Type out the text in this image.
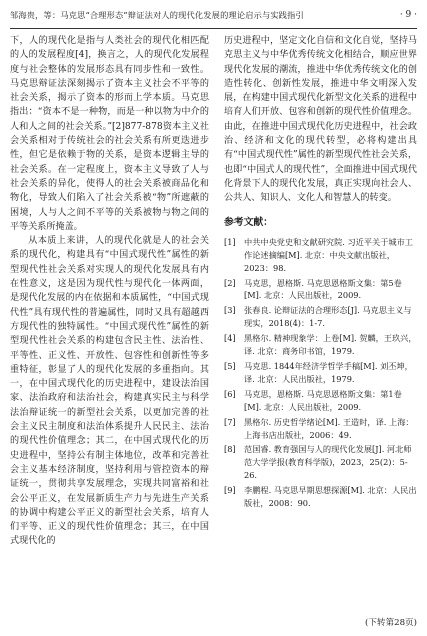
邹海贵，等：马克思“合理形态”辩证法对人的现代化发展的理论启示与实践指引	· 9 ·

下，人的现代化是指与人类社会的现代化相匹配的人的发展程度[4]，换言之，人的现代化发展程度与社会整体的发展形态具有同步性和一致性。马克思辩证法深刻揭示了资本主义社会不平等的社会关系，揭示了资本的形而上学本质。马克思指出：“资本不是一种物，而是一种以物为中介的人和人之间的社会关系。”[2]877-878资本主义社会关系相对于传统社会的社会关系有所更迭进步性，但它是依赖于物的关系，是资本逻辑主导的社会关系。在一定程度上，资本主义导致了人与社会关系的异化，使得人的社会关系被商品化和物化，导致人们陷入了社会关系被“物”所遮蔽的困境，人与人之间不平等的关系被物与物之间的平等关系所掩盖。

从本质上来讲，人的现代化就是人的社会关系的现代化，构建具有“中国式现代性”属性的新型现代性社会关系对实现人的现代化发展具有内在性意义，这是因为现代性与现代化一体两面，是现代化发展的内在依据和本质属性，“中国式现代性”具有现代性的普遍属性，同时又具有超越西方现代性的独特属性。“中国式现代性”属性的新型现代性社会关系的构建包含民主性、法治性、平等性、正义性、开放性、包容性和创新性等多重特征，彰显了人的现代化发展的多重指向。其一，在中国式现代化的历史进程中，建设法治国家、法治政府和法治社会，构建真实民主与科学法治辩证统一的新型社会关系，以更加完善的社会主义民主制度和法治体系提升人民民主、法治的现代性价值理念；其二，在中国式现代化的历史进程中，坚持公有制主体地位，改革和完善社会主义基本经济制度，坚持利用与管控资本的辩证统一，贯彻共享发展理念，实现共同富裕和社会公平正义，在发展新质生产力与先进生产关系的协调中构建公平正义的新型社会关系，培育人们平等、正义的现代性价值理念；其三，在中国式现代化的

历史进程中，坚定文化自信和文化自觉，坚持马克思主义与中华优秀传统文化相结合，顺应世界现代化发展的潮流，推进中华优秀传统文化的创造性转化、创新性发展，推进中华文明深入发展，在构建中国式现代化新型文化关系的进程中培育人们开放、包容和创新的现代性价值理念。由此，在推进中国式现代化历史进程中，社会政治、经济和文化的现代转型，必将构建出具有“中国式现代性”属性的新型现代性社会关系，也即“中国式人的现代性”，全面推进中国式现代化背景下人的现代化发展，真正实现向社会人、公共人、知识人、文化人和智慧人的转变。

参考文献：

[1]	中共中央党史和文献研究院. 习近平关于城市工作论述摘编[M]. 北京：中央文献出版社，2023：98.

[2]	马克思，恩格斯. 马克思恩格斯文集：第5卷[M]. 北京：人民出版社，2009.

[3]	张春良. 论辩证法的合理形态[J]. 马克思主义与现实，2018(4)：1-7.

[4]	黑格尔. 精神现象学：上卷[M]. 贺麟，王玖兴，译. 北京：商务印书馆，1979.

[5]	马克思. 1844年经济学哲学手稿[M]. 刘丕坤，译. 北京：人民出版社，1979.

[6]	马克思，恩格斯. 马克思恩格斯文集：第1卷[M]. 北京：人民出版社，2009.

[7]	黑格尔. 历史哲学绪论[M]. 王造时，译. 上海：上海书店出版社，2006：49.

[8]	范国睿. 教育强国与人的现代化发展[J]. 河北师范大学学报(教育科学版)，2023，25(2)：5-26.

[9]	李鹏程. 马克思早期思想探源[M]. 北京：人民出版社，2008：90.

(下转第28页)
